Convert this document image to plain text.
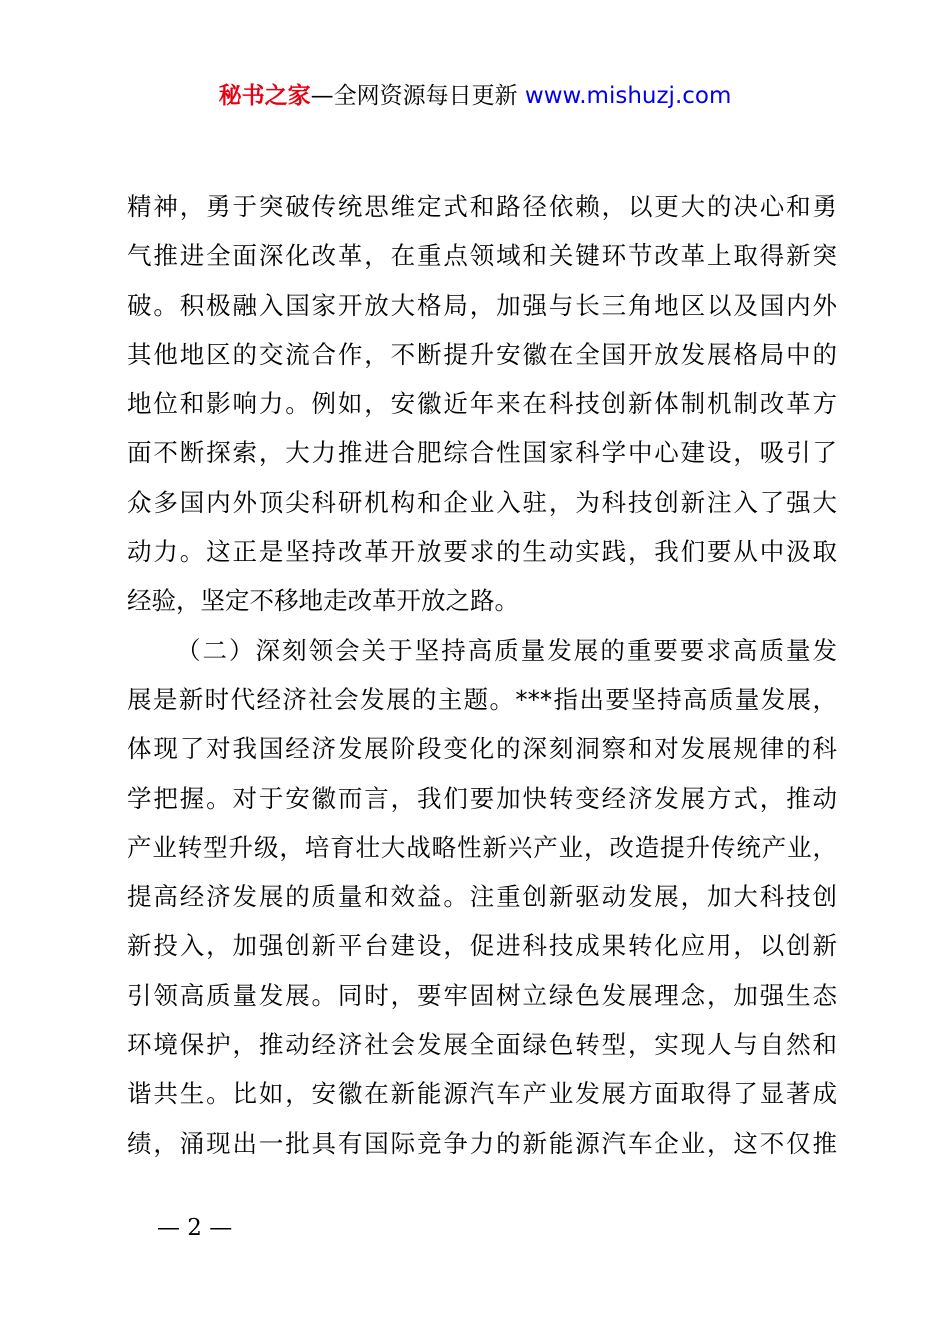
秘书之家—全网资源每日更新 www.mishuzj.com
精神，勇于突破传统思维定式和路径依赖，以更大的决心和勇
气推进全面深化改革，在重点领域和关键环节改革上取得新突
破。积极融入国家开放大格局，加强与长三角地区以及国内外
其他地区的交流合作，不断提升安徽在全国开放发展格局中的
地位和影响力。例如，安徽近年来在科技创新体制机制改革方
面不断探索，大力推进合肥综合性国家科学中心建设，吸引了
众多国内外顶尖科研机构和企业入驻，为科技创新注入了强大
动力。这正是坚持改革开放要求的生动实践，我们要从中汲取
经验，坚定不移地走改革开放之路。
（二）深刻领会关于坚持高质量发展的重要要求高质量发
展是新时代经济社会发展的主题。***指出要坚持高质量发展，
体现了对我国经济发展阶段变化的深刻洞察和对发展规律的科
学把握。对于安徽而言，我们要加快转变经济发展方式，推动
产业转型升级，培育壮大战略性新兴产业，改造提升传统产业，
提高经济发展的质量和效益。注重创新驱动发展，加大科技创
新投入，加强创新平台建设，促进科技成果转化应用，以创新
引领高质量发展。同时，要牢固树立绿色发展理念，加强生态
环境保护，推动经济社会发展全面绿色转型，实现人与自然和
谐共生。比如，安徽在新能源汽车产业发展方面取得了显著成
绩，涌现出一批具有国际竞争力的新能源汽车企业，这不仅推
— 2 —
